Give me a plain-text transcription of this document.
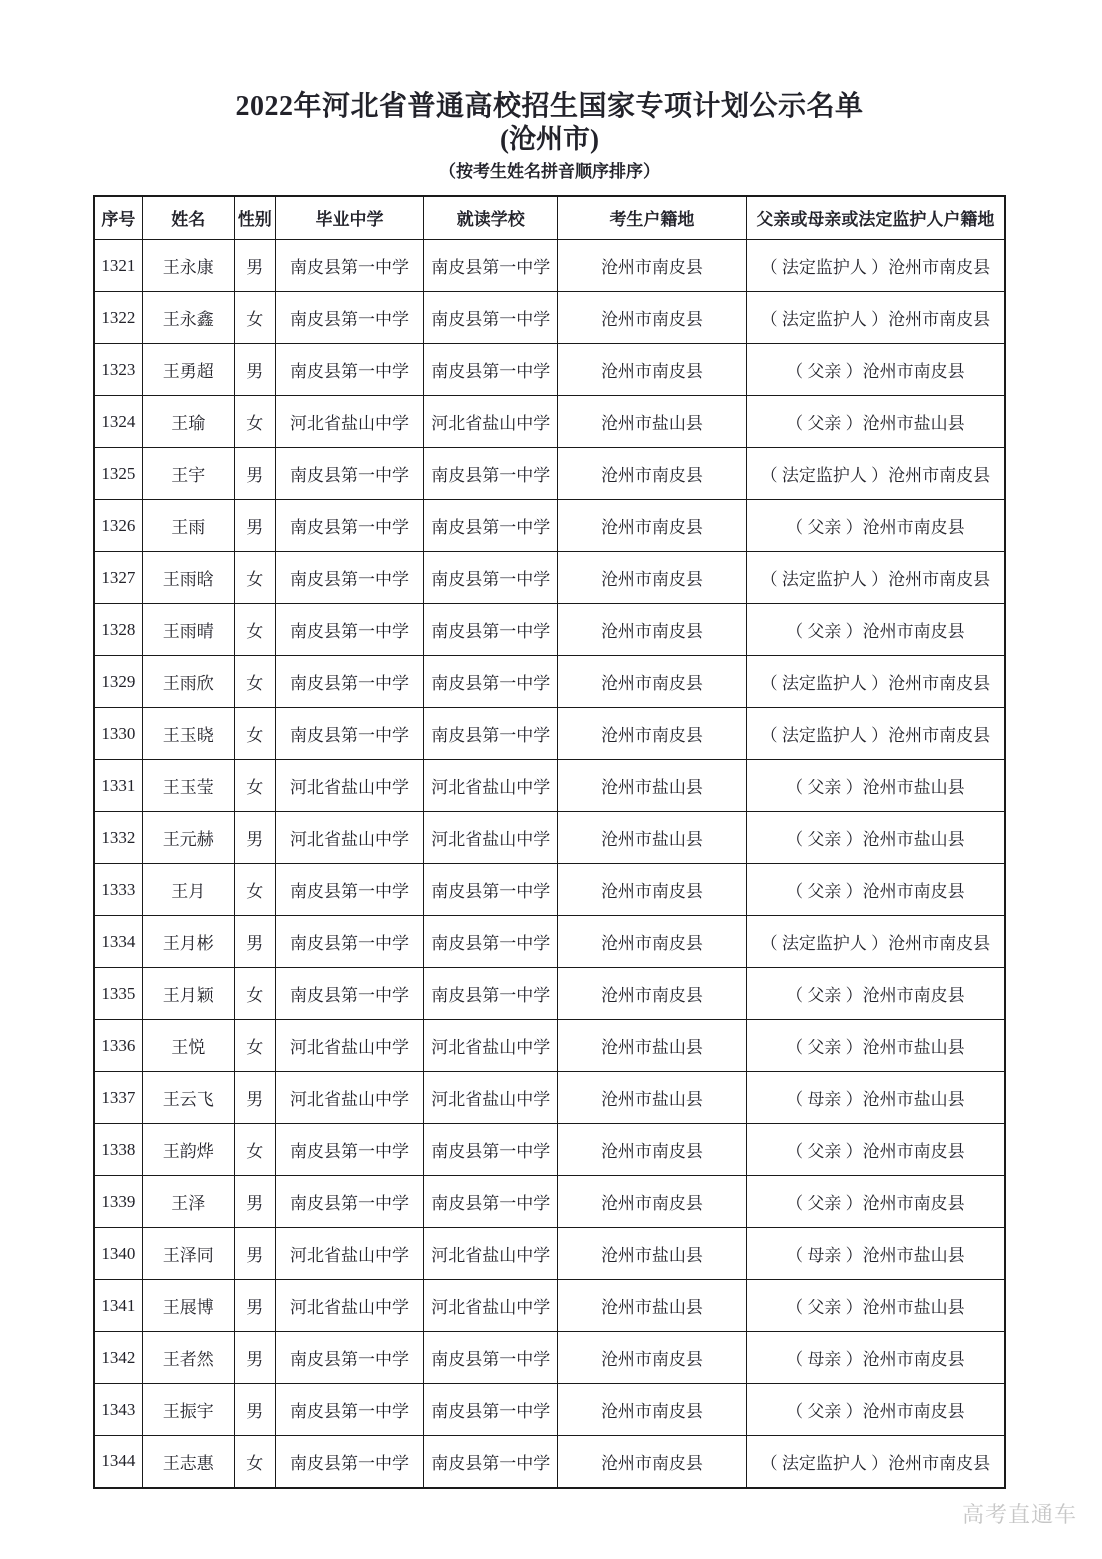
2022年河北省普通高校招生国家专项计划公示名单
(沧州市)
（按考生姓名拼音顺序排序）
序号	姓名	性别	毕业中学	就读学校	考生户籍地	父亲或母亲或法定监护人户籍地
1321	王永康	男	南皮县第一中学	南皮县第一中学	沧州市南皮县	（ 法定监护人 ）沧州市南皮县
1322	王永鑫	女	南皮县第一中学	南皮县第一中学	沧州市南皮县	（ 法定监护人 ）沧州市南皮县
1323	王勇超	男	南皮县第一中学	南皮县第一中学	沧州市南皮县	（ 父亲 ）沧州市南皮县
1324	王瑜	女	河北省盐山中学	河北省盐山中学	沧州市盐山县	（ 父亲 ）沧州市盐山县
1325	王宇	男	南皮县第一中学	南皮县第一中学	沧州市南皮县	（ 法定监护人 ）沧州市南皮县
1326	王雨	男	南皮县第一中学	南皮县第一中学	沧州市南皮县	（ 父亲 ）沧州市南皮县
1327	王雨晗	女	南皮县第一中学	南皮县第一中学	沧州市南皮县	（ 法定监护人 ）沧州市南皮县
1328	王雨晴	女	南皮县第一中学	南皮县第一中学	沧州市南皮县	（ 父亲 ）沧州市南皮县
1329	王雨欣	女	南皮县第一中学	南皮县第一中学	沧州市南皮县	（ 法定监护人 ）沧州市南皮县
1330	王玉晓	女	南皮县第一中学	南皮县第一中学	沧州市南皮县	（ 法定监护人 ）沧州市南皮县
1331	王玉莹	女	河北省盐山中学	河北省盐山中学	沧州市盐山县	（ 父亲 ）沧州市盐山县
1332	王元赫	男	河北省盐山中学	河北省盐山中学	沧州市盐山县	（ 父亲 ）沧州市盐山县
1333	王月	女	南皮县第一中学	南皮县第一中学	沧州市南皮县	（ 父亲 ）沧州市南皮县
1334	王月彬	男	南皮县第一中学	南皮县第一中学	沧州市南皮县	（ 法定监护人 ）沧州市南皮县
1335	王月颖	女	南皮县第一中学	南皮县第一中学	沧州市南皮县	（ 父亲 ）沧州市南皮县
1336	王悦	女	河北省盐山中学	河北省盐山中学	沧州市盐山县	（ 父亲 ）沧州市盐山县
1337	王云飞	男	河北省盐山中学	河北省盐山中学	沧州市盐山县	（ 母亲 ）沧州市盐山县
1338	王韵烨	女	南皮县第一中学	南皮县第一中学	沧州市南皮县	（ 父亲 ）沧州市南皮县
1339	王泽	男	南皮县第一中学	南皮县第一中学	沧州市南皮县	（ 父亲 ）沧州市南皮县
1340	王泽同	男	河北省盐山中学	河北省盐山中学	沧州市盐山县	（ 母亲 ）沧州市盐山县
1341	王展博	男	河北省盐山中学	河北省盐山中学	沧州市盐山县	（ 父亲 ）沧州市盐山县
1342	王者然	男	南皮县第一中学	南皮县第一中学	沧州市南皮县	（ 母亲 ）沧州市南皮县
1343	王振宇	男	南皮县第一中学	南皮县第一中学	沧州市南皮县	（ 父亲 ）沧州市南皮县
1344	王志惠	女	南皮县第一中学	南皮县第一中学	沧州市南皮县	（ 法定监护人 ）沧州市南皮县
高考直通车
